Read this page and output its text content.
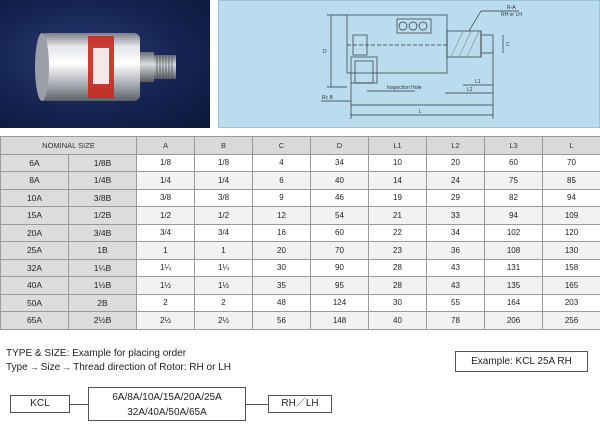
R-A
RH or LH
Inspection Hole
Rc B
D
C
L1
L2
L
NOMINAL SIZE		A	B	C	D	L1	L2	L3	L
6A	1/8B	1/8	1/8	4	34	10	20	60	70
8A	1/4B	1/4	1/4	6	40	14	24	75	85
10A	3/8B	3/8	3/8	9	46	19	29	82	94
15A	1/2B	1/2	1/2	12	54	21	33	94	109
20A	3/4B	3/4	3/4	16	60	22	34	102	120
25A	1B	1	1	20	70	23	36	108	130
32A	1¼B	1¼	1¼	30	90	28	43	131	158
40A	1½B	1½	1½	35	95	28	43	135	165
50A	2B	2	2	48	124	30	55	164	203
65A	2½B	2½	2½	56	148	40	78	206	256
TYPE & SIZE: Example for placing order
Type → Size → Thread direction of Rotor: RH or LH
Example: KCL 25A RH
KCL
6A/8A/10A/15A/20A/25A
32A/40A/50A/65A
RH／LH
